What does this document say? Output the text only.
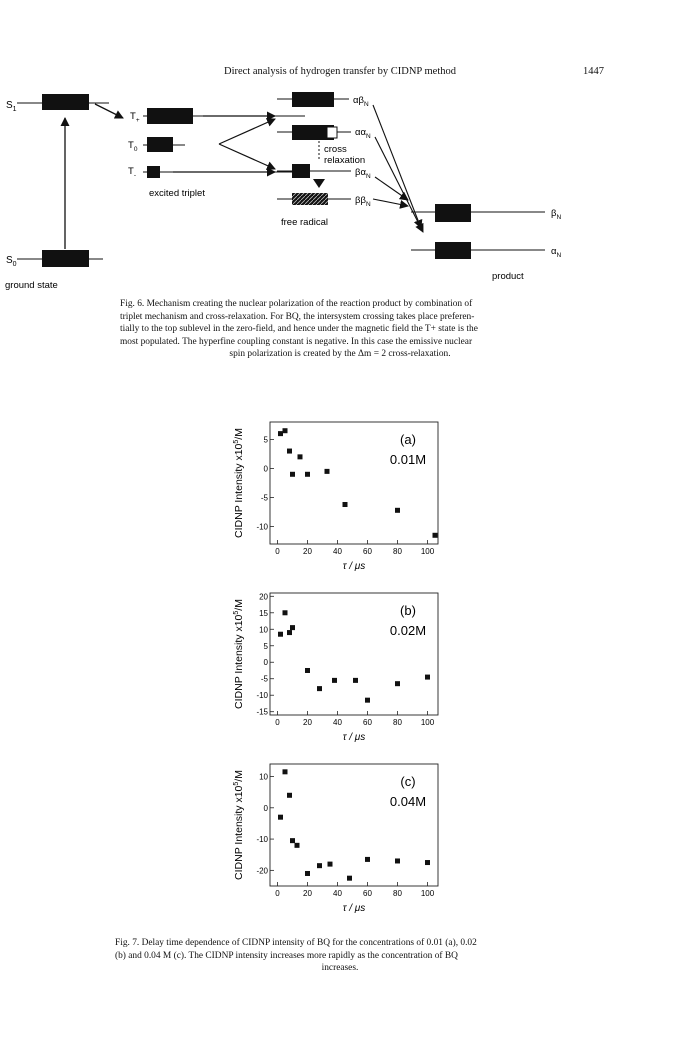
Direct analysis of hydrogen transfer by CIDNP method	1447
$S_1$
$S_0$
$T_+$
$T_0$
$T_-$
excited triplet
$\alpha\beta_N$
$\alpha\alpha_N$
cross
relaxation
$\beta\alpha_N$
$\beta\beta_N$
free radical
$\beta_N$
$\alpha_N$
product
ground state
Fig. 6. Mechanism creating the nuclear polarization of the reaction product by combination of
triplet mechanism and cross-relaxation. For BQ, the intersystem crossing takes place preferen-
tially to the top sublevel in the zero-field, and hence under the magnetic field the T+ state is the
most populated. The hyperfine coupling constant is negative. In this case the emissive nuclear
spin polarization is created by the Δm = 2 cross-relaxation.
5
0
-5
-10
0	20	40	60	80 100
(a)
0.01M
CIDNP Intensity $x10^5/M$
τ / μs
20
15
10
5
0
-5
-10
-15
0	20	40	60	80 100
(b)
0.02M
CIDNP Intensity $x10^5/M$
τ / μs
10
0
-10
-20
0	20	40	60	80 100
(c)
0.04M
CIDNP Intensity $x10^5/M$
τ / μs
Fig. 7. Delay time dependence of CIDNP intensity of BQ for the concentrations of 0.01 (a), 0.02
(b) and 0.04 M (c). The CIDNP intensity increases more rapidly as the concentration of BQ
increases.
